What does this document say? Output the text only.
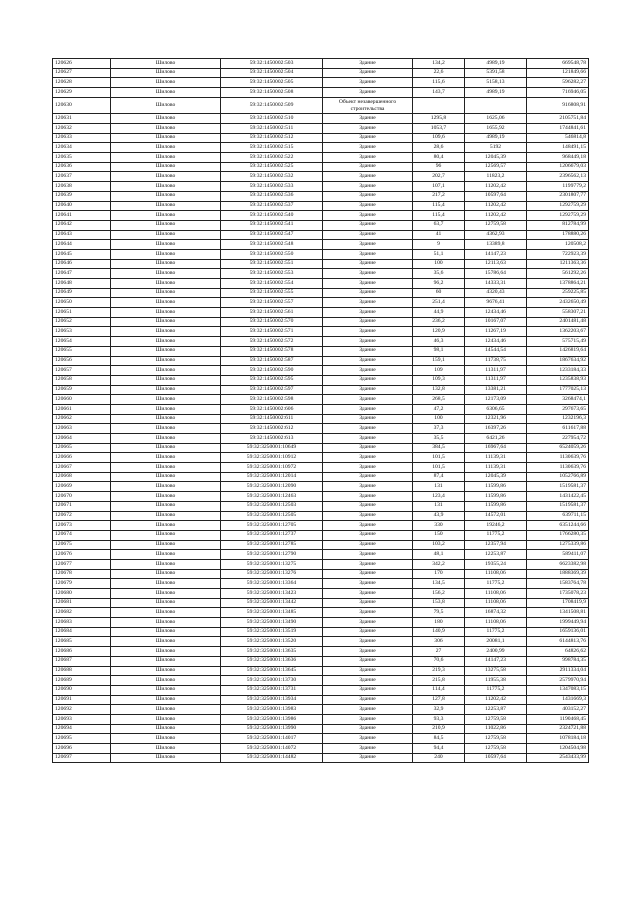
120626	Шилово	59:32:1450002:503	Здание	134,2	4989,19	669548,78
120627	Шилово	59:32:1450002:504	Здание	22,6	5391,58	121849,66
120628	Шилово	59:32:1450002:505	Здание	115,6	5158,13	596282,27
120629	Шилово	59:32:1450002:508	Здание	143,7	4989,19	716946,05
120630	Шилово	59:32:1450002:509	Объект незавершенного строительства			916808,91
120631	Шилово	59:32:1450002:510	Здание	1295,8	1625,06	2105751,84
120632	Шилово	59:32:1450002:511	Здание	1053,7	1655,92	1744841,61
120633	Шилово	59:32:1450002:512	Здание	109,6	4989,19	546814,8
120634	Шилово	59:32:1450002:515	Здание	28,6	5192	148491,15
120635	Шилово	59:32:1450002:522	Здание	80,4	12045,39	968449,18
120636	Шилово	59:32:1450002:525	Здание	96	12569,57	1206679,03
120637	Шилово	59:32:1450002:532	Здание	202,7	11823,2	2396562,13
120638	Шилово	59:32:1450002:533	Здание	107,1	11202,42	1199779,2
120639	Шилово	59:32:1450002:536	Здание	217,2	10597,64	2301807,77
120640	Шилово	59:32:1450002:537	Здание	115,4	11202,42	1292759,29
120641	Шилово	59:32:1450002:540	Здание	115,4	11202,42	1292759,29
120642	Шилово	59:32:1450002:541	Здание	63,7	12759,58	812784,99
120643	Шилово	59:32:1450002:547	Здание	41	4362,93	178880,26
120644	Шилово	59:32:1450002:548	Здание	9	13389,8	120508,2
120645	Шилово	59:32:1450002:550	Здание	51,1	14147,23	722923,39
120646	Шилово	59:32:1450002:551	Здание	100	12113,63	1211363,36
120647	Шилово	59:32:1450002:553	Здание	35,6	15786,64	561292,26
120648	Шилово	59:32:1450002:554	Здание	96,2	14333,31	1378864,21
120649	Шилово	59:32:1450002:555	Здание	60	4320,43	259225,85
120650	Шилово	59:32:1450002:557	Здание	251,4	9676,41	2432650,49
120651	Шилово	59:32:1450002:561	Здание	44,9	12434,46	558307,21
120652	Шилово	59:32:1450002:570	Здание	236,2	10167,07	2401481,48
120653	Шилово	59:32:1450002:571	Здание	120,9	11267,19	1362203,67
120654	Шилово	59:32:1450002:572	Здание	46,3	12434,46	575715,49
120655	Шилово	59:32:1450002:578	Здание	98,1	14544,54	1426819,64
120656	Шилово	59:32:1450002:587	Здание	159,1	11738,75	1867634,92
120657	Шилово	59:32:1450002:590	Здание	109	11311,97	1233184,33
120658	Шилово	59:32:1450002:595	Здание	109,3	11311,97	1235838,93
120659	Шилово	59:32:1450002:597	Здание	132,8	13381,21	1777025,13
120660	Шилово	59:32:1450002:598	Здание	268,5	12173,09	3268474,1
120661	Шилово	59:32:1450002:606	Здание	47,2	6306,65	297673,65
120662	Шилово	59:32:1450002:611	Здание	100	12321,96	1232196,3
120663	Шилово	59:32:1450002:612	Здание	37,3	16397,26	611617,88
120664	Шилово	59:32:1450002:613	Здание	35,5	6421,26	227954,72
120665	Шилово	59:32:3250001:10649	Здание	384,5	16967,64	6524059,26
120666	Шилово	59:32:3250001:10912	Здание	101,5	11139,31	1130639,76
120667	Шилово	59:32:3250001:10972	Здание	101,5	11139,31	1130639,76
120668	Шилово	59:32:3250001:12014	Здание	87,4	12045,39	1052766,89
120669	Шилово	59:32:3250001:12090	Здание	131	11599,86	1519581,37
120670	Шилово	59:32:3250001:12463	Здание	123,4	11599,86	1431422,45
120671	Шилово	59:32:3250001:12503	Здание	131	11599,86	1519581,37
120672	Шилово	59:32:3250001:12505	Здание	43,9	14572,01	639711,15
120673	Шилово	59:32:3250001:12705	Здание	330	19246,2	6351244,66
120674	Шилово	59:32:3250001:12737	Здание	150	11775,2	1766280,35
120675	Шилово	59:32:3250001:12785	Здание	103,2	12357,94	1275339,86
120676	Шилово	59:32:3250001:12790	Здание	48,1	12253,87	589411,07
120677	Шилово	59:32:3250001:13275	Здание	342,2	19355,24	6623382,98
120678	Шилово	59:32:3250001:13276	Здание	170	11108,06	1888369,39
120679	Шилово	59:32:3250001:13364	Здание	134,5	11775,2	1583764,78
120680	Шилово	59:32:3250001:13423	Здание	156,2	11108,06	1735078,23
120681	Шилово	59:32:3250001:13442	Здание	153,8	11108,06	1708419,9
120682	Шилово	59:32:3250001:13485	Здание	79,5	16874,32	1341508,81
120683	Шилово	59:32:3250001:13490	Здание	180	11108,06	1999449,94
120684	Шилово	59:32:3250001:13519	Здание	140,9	11775,2	1659136,01
120685	Шилово	59:32:3250001:13520	Здание	306	20081,1	6144813,76
120686	Шилово	59:32:3250001:13635	Здание	27	2400,99	64826,62
120687	Шилово	59:32:3250001:13636	Здание	70,6	14147,23	998784,35
120688	Шилово	59:32:3250001:13645	Здание	219,3	13275,58	2911334,04
120689	Шилово	59:32:3250001:13730	Здание	215,8	11955,38	2579970,94
120690	Шилово	59:32:3250001:13731	Здание	114,4	11775,2	1347083,15
120691	Шилово	59:32:3250001:13934	Здание	127,8	11202,42	1431669,3
120692	Шилово	59:32:3250001:13983	Здание	32,9	12253,87	403152,27
120693	Шилово	59:32:3250001:13986	Здание	93,3	12759,58	1190468,45
120694	Шилово	59:32:3250001:13990	Здание	210,9	11022,86	2324721,88
120695	Шилово	59:32:3250001:14017	Здание	84,5	12759,58	1078184,18
120696	Шилово	59:32:3250001:14072	Здание	94,4	12759,58	1204504,98
120697	Шилово	59:32:3250001:14482	Здание	240	10597,64	2543433,99
